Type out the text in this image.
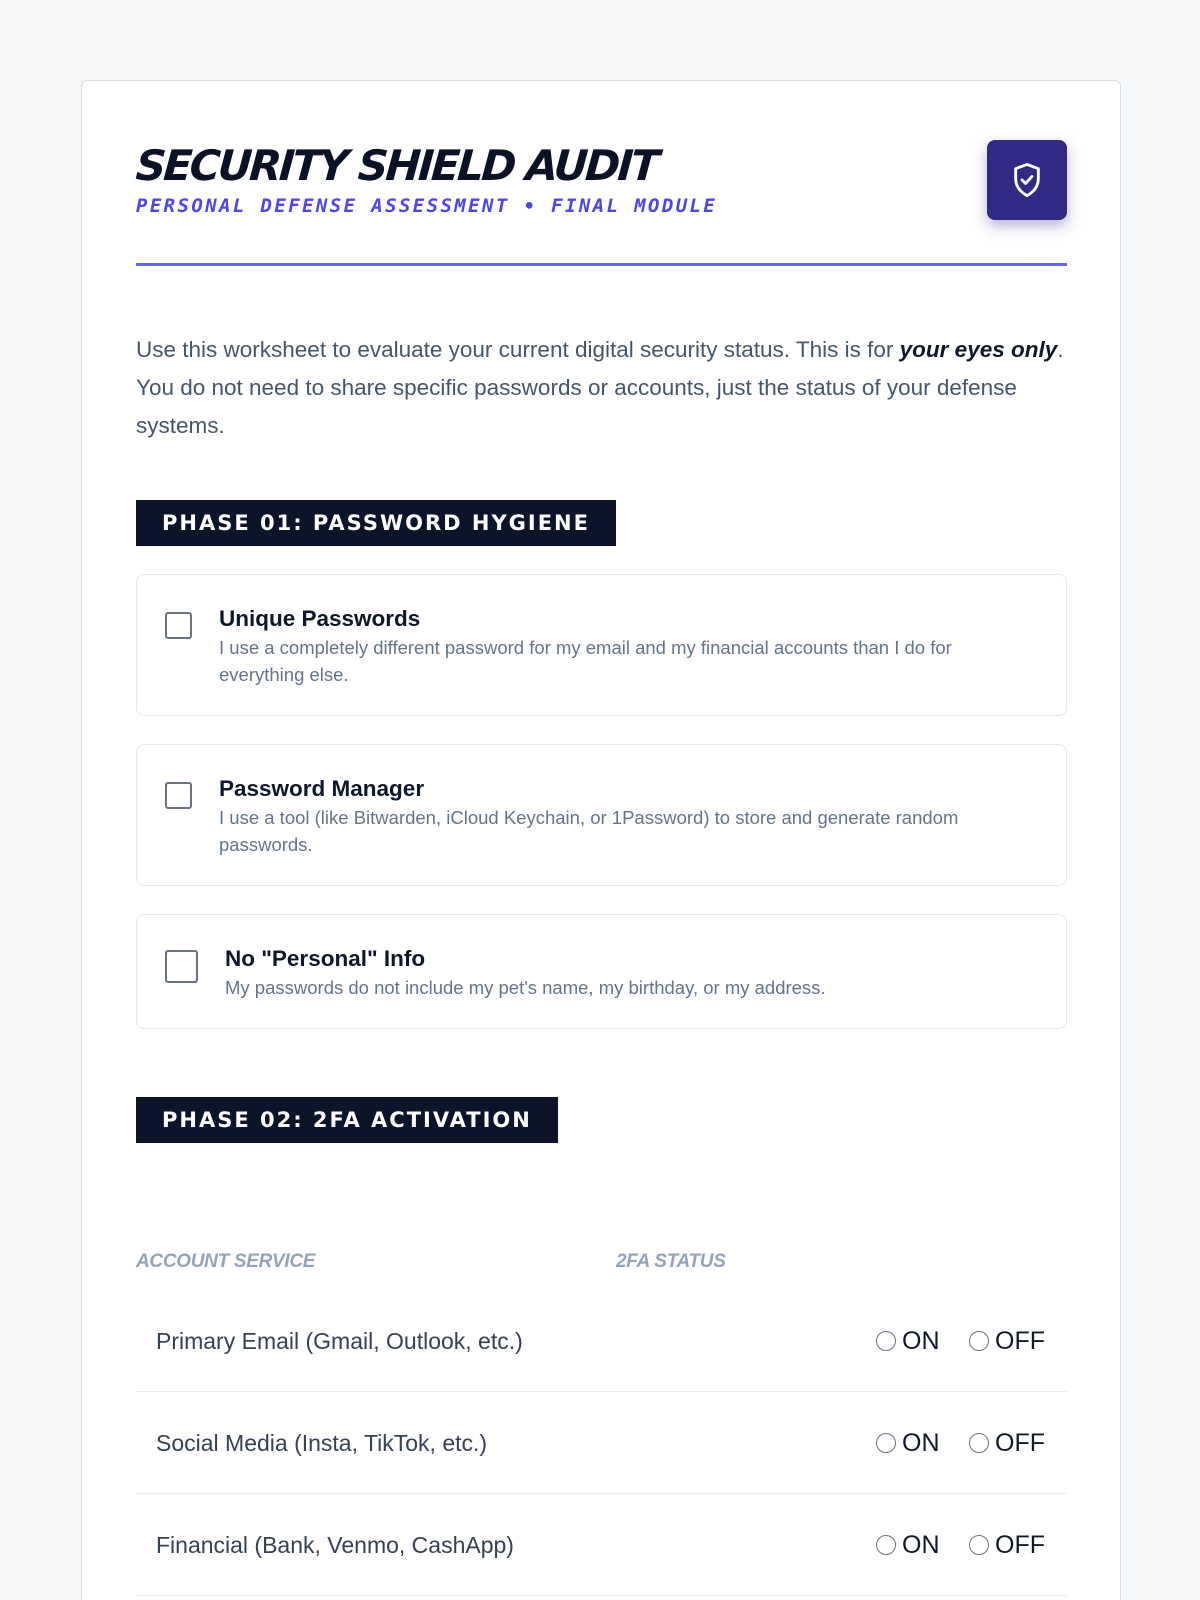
SECURITY SHIELD AUDIT
PERSONAL DEFENSE ASSESSMENT • FINAL MODULE

Use this worksheet to evaluate your current digital security status. This is for your eyes only. You do not need to share specific passwords or accounts, just the status of your defense systems.

PHASE 01: PASSWORD HYGIENE
Unique Passwords
I use a completely different password for my email and my financial accounts than I do for everything else.
Password Manager
I use a tool (like Bitwarden, iCloud Keychain, or 1Password) to store and generate random passwords.
No "Personal" Info
My passwords do not include my pet's name, my birthday, or my address.
PHASE 02: 2FA ACTIVATION
ACCOUNT SERVICE	2FA STATUS
Primary Email (Gmail, Outlook, etc.)	ON OFF
Social Media (Insta, TikTok, etc.)	ON OFF
Financial (Bank, Venmo, CashApp)	ON OFF
